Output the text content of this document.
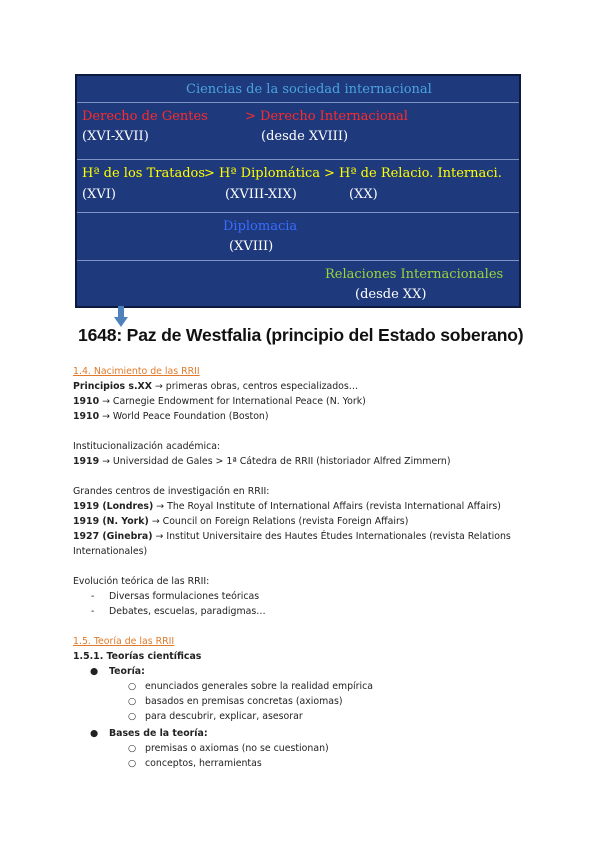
Ciencias de la sociedad internacional
Derecho de Gentes	> Derecho Internacional
(XVI-XVII)	(desde XVIII)
Hª de los Tratados
> Hª Diplomática > Hª de Relacio. Internaci.
(XVI)	(XVIII-XIX)	(XX)
Diplomacia
(XVIII)
Relaciones Internacionales
(desde XX)
1648: Paz de Westfalia (principio del Estado soberano)
1.4. Nacimiento de las RRII
Principios s.XX → primeras obras, centros especializados…
1910 → Carnegie Endowment for International Peace (N. York)
1910 → World Peace Foundation (Boston)
Institucionalización académica:
1919 → Universidad de Gales > 1ª Cátedra de RRII (historiador Alfred Zimmern)
Grandes centros de investigación en RRII:
1919 (Londres) → The Royal Institute of International Affairs (revista International Affairs)
1919 (N. York) → Council on Foreign Relations (revista Foreign Affairs)
1927 (Ginebra) → Institut Universitaire des Hautes Études Internationales (revista Relations
Internationales)
Evolución teórica de las RRII:
- Diversas formulaciones teóricas
- Debates, escuelas, paradigmas…
1.5. Teoría de las RRII
1.5.1. Teorías científicas
● Teoría:
○ enunciados generales sobre la realidad empírica
○ basados en premisas concretas (axiomas)
○ para descubrir, explicar, asesorar
● Bases de la teoría:
○ premisas o axiomas (no se cuestionan)
○ conceptos, herramientas
